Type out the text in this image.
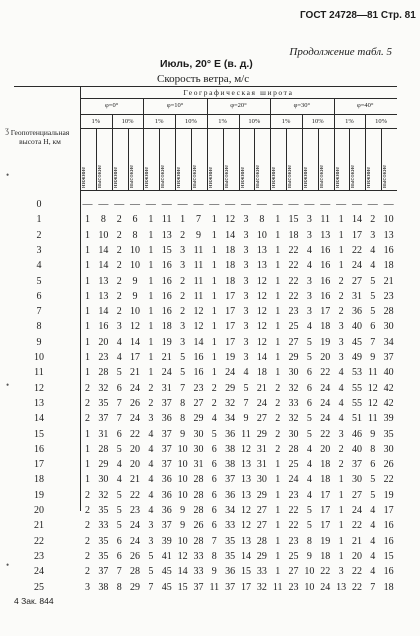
ГОСТ 24728—81 Стр. 81
Продолжение табл. 5
Июль, 20° Е (в. д.)
Скорость ветра, м/с
Географическая широта
Геопотенциальная высота Н, км
φ=0°
1%
нижние	высокие
10%
нижние	высокие
φ=10°
1%
нижние	высокие
10%
нижние	высокие
φ=20°
1%
нижние	высокие
10%
нижние	высокие
φ=30°
1%
нижние	высокие
10%
нижние	высокие
φ=40°
1%
нижние	высокие
10%
нижние	высокие
0	— — — — — — — — — — — — — — — — — — — —
1	1	8	2	6	1 11 1	7	1 12 3	8	1 15 3 11 1 14 2 10
2	1 10 2	8	1 13 2	9	1 14 3 10 1 18 3 13 1 17 3 13
3	1 14 2 10 1 15 3 11 1 18 3 13 1 22 4 16 1 22 4 16
4	1 14 2 10 1 16 3 11 1 18 3 13 1 22 4 16 1 24 4 18
5	1 13 2	9	1 16 2 11 1 18 3 12 1 22 3 16 2 27 5 21
6	1 13 2	9	1 16 2 11 1 17 3 12 1 22 3 16 2 31 5 23
7	1 14 2 10 1 16 2 12 1 17 3 12 1 23 3 17 2 36 5 28
8	1 16 3 12 1 18 3 12 1 17 3 12 1 25 4 18 3 40 6 30
9	1 20 4 14 1 19 3 14 1 17 3 12 1 27 5 19 3 45 7 34
10	1 23 4 17 1 21 5 16 1 19 3 14 1 29 5 20 3 49 9 37
11	1 28 5 21 1 24 5 16 1 24 4 18 1 30 6 22 4 53 11 40
12	2 32 6 24 2 31 7 23 2 29 5 21 2 32 6 24 4 55 12 42
13	2 35 7 26 2 37 8 27 2 32 7 24 2 33 6 24 4 55 12 42
14	2 37 7 24 3 36 8 29 4 34 9 27 2 32 5 24 4 51 11 39
15	1 31 6 22 4 37 9 30 5 36 11 29 2 30 5 22 3 46 9 35
16	1 28 5 20 4 37 10 30 6 38 12 31 2 28 4 20 2 40 8 30
17	1 29 4 20 4 37 10 31 6 38 13 31 1 25 4 18 2 37 6 26
18	1 30 4 21 4 36 10 28 6 37 13 30 1 24 4 18 1 30 5 22
19	2 32 5 22 4 36 10 28 6 36 13 29 1 23 4 17 1 27 5 19
20	2 35 5 23 4 36 9 28 6 34 12 27 1 22 5 17 1 24 4 17
21	2 33 5 24 3 37 9 26 6 33 12 27 1 22 5 17 1 22 4 16
22	2 35 6 24 3 39 10 28 7 35 13 28 1 23 8 19 1 21 4 16
23	2 35 6 26 5 41 12 33 8 35 14 29 1 25 9 18 1 20 4 15
24	2 37 7 28 5 45 14 33 9 36 15 33 1 27 10 22 3 22 4 16
25	3 38 8 29 7 45 15 37 11 37 17 32 11 23 10 24 13 22 7 18
4 Зак. 844
ʒ
•
•
•
